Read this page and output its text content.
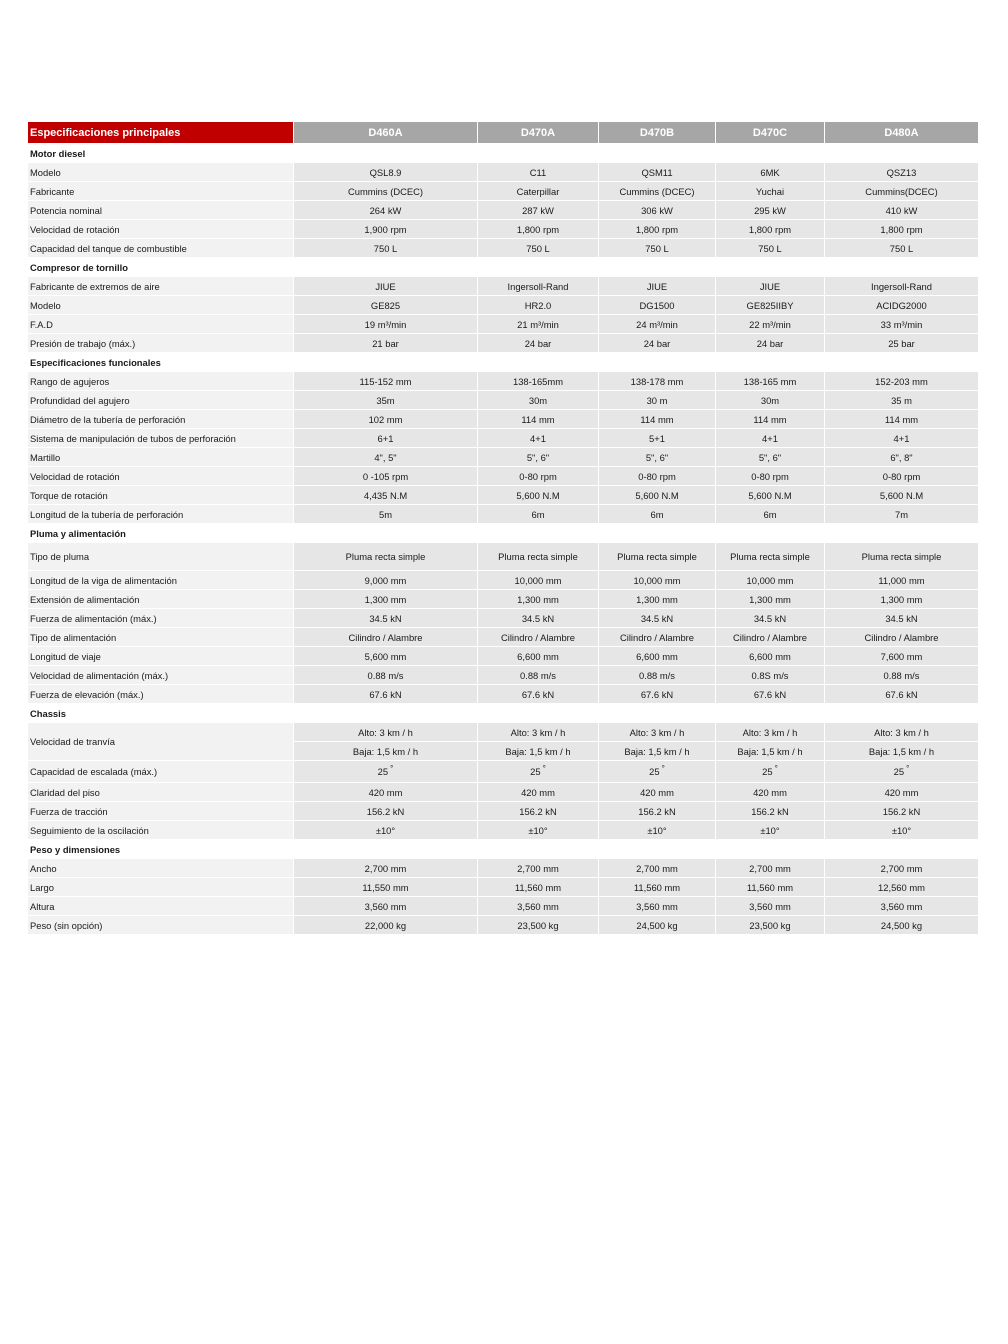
Especificaciones principales	D460A	D470A	D470B	D470C	D480A
Motor diesel					
Modelo	QSL8.9	C11	QSM11	6MK	QSZ13
Fabricante	Cummins (DCEC)	Caterpillar	Cummins (DCEC)	Yuchai	Cummins(DCEC)
Potencia nominal	264 kW	287 kW	306 kW	295 kW	410 kW
Velocidad de rotación	1,900 rpm	1,800 rpm	1,800 rpm	1,800 rpm	1,800 rpm
Capacidad del tanque de combustible	750 L	750 L	750 L	750 L	750 L
Compresor de tornillo					
Fabricante de extremos de aire	JIUE	Ingersoll-Rand	JIUE	JIUE	Ingersoll-Rand
Modelo	GE825	HR2.0	DG1500	GE825IIBY	ACIDG2000
F.A.D	19 m³/min	21 m³/min	24 m³/min	22 m³/min	33 m³/min
Presión de trabajo (máx.)	21 bar	24 bar	24 bar	24 bar	25 bar
Especificaciones funcionales					
Rango de agujeros	115-152 mm	138-165mm	138-178 mm	138-165 mm	152-203 mm
Profundidad del agujero	35m	30m	30 m	30m	35 m
Diámetro de la tubería de perforación	102 mm	114 mm	114 mm	114 mm	114 mm
Sistema de manipulación de tubos de perforación	6+1	4+1	5+1	4+1	4+1
Martillo	4", 5"	5", 6"	5", 6"	5", 6"	6", 8"
Velocidad de rotación	0 -105 rpm	0-80 rpm	0-80 rpm	0-80 rpm	0-80 rpm
Torque de rotación	4,435 N.M	5,600 N.M	5,600 N.M	5,600 N.M	5,600 N.M
Longitud de la tubería de perforación	5m	6m	6m	6m	7m
Pluma y alimentación					
Tipo de pluma	Pluma recta simple	Pluma recta simple	Pluma recta simple	Pluma recta simple	Pluma recta simple
Longitud de la viga de alimentación	9,000 mm	10,000 mm	10,000 mm	10,000 mm	11,000 mm
Extensión de alimentación	1,300 mm	1,300 mm	1,300 mm	1,300 mm	1,300 mm
Fuerza de alimentación (máx.)	34.5 kN	34.5 kN	34.5 kN	34.5 kN	34.5 kN
Tipo de alimentación	Cilindro / Alambre	Cilindro / Alambre	Cilindro / Alambre	Cilindro / Alambre	Cilindro / Alambre
Longitud de viaje	5,600 mm	6,600 mm	6,600 mm	6,600 mm	7,600 mm
Velocidad de alimentación (máx.)	0.88 m/s	0.88 m/s	0.88 m/s	0.8S m/s	0.88 m/s
Fuerza de elevación (máx.)	67.6 kN	67.6 kN	67.6 kN	67.6 kN	67.6 kN
Chassis					
Velocidad de tranvía	Alto: 3 km / h	Alto: 3 km / h	Alto: 3 km / h	Alto: 3 km / h	Alto: 3 km / h
	Baja: 1,5 km / h	Baja: 1,5 km / h	Baja: 1,5 km / h	Baja: 1,5 km / h	Baja: 1,5 km / h
Capacidad de escalada (máx.)	25 °	25 °	25 °	25 °	25 °
Claridad del piso	420 mm	420 mm	420 mm	420 mm	420 mm
Fuerza de tracción	156.2 kN	156.2 kN	156.2 kN	156.2 kN	156.2 kN
Seguimiento de la oscilación	±10°	±10°	±10°	±10°	±10°
Peso y dimensiones					
Ancho	2,700 mm	2,700 mm	2,700 mm	2,700 mm	2,700 mm
Largo	11,550 mm	11,560 mm	11,560 mm	11,560 mm	12,560 mm
Altura	3,560 mm	3,560 mm	3,560 mm	3,560 mm	3,560 mm
Peso (sin opción)	22,000 kg	23,500 kg	24,500 kg	23,500 kg	24,500 kg
